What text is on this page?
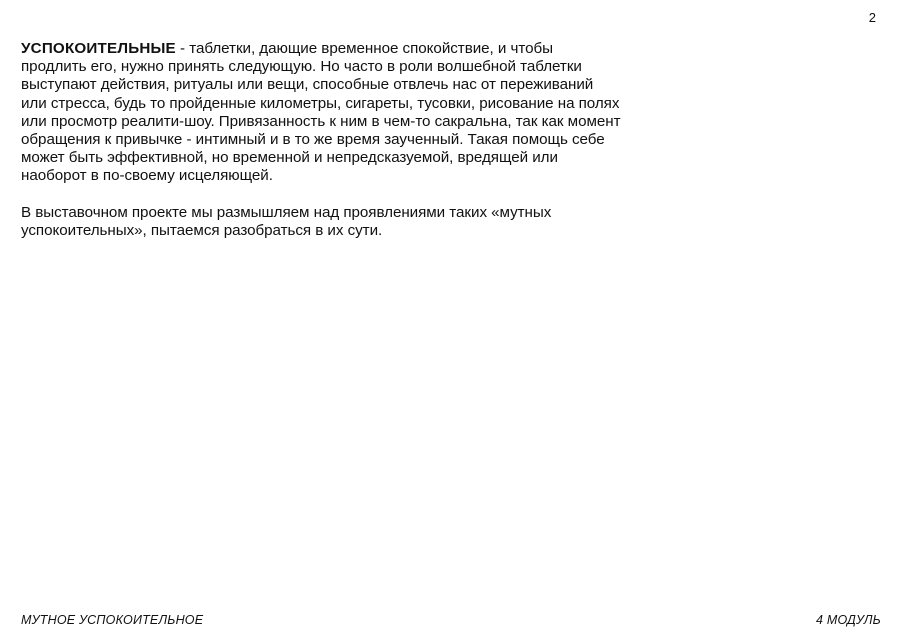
2

УСПОКОИТЕЛЬНЫЕ - таблетки, дающие временное спокойствие, и чтобы продлить его, нужно принять следующую. Но часто в роли волшебной таблетки выступают действия, ритуалы или вещи, способные отвлечь нас от переживаний или стресса, будь то пройденные километры, сигареты, тусовки, рисование на полях или просмотр реалити-шоу. Привязанность к ним в чем-то сакральна, так как момент обращения к привычке - интимный и в то же время заученный. Такая помощь себе может быть эффективной, но временной и непредсказуемой, вредящей или наоборот в по-своему исцеляющей.

В выставочном проекте мы размышляем над проявлениями таких «мутных успокоительных», пытаемся разобраться в их сути.

МУТНОЕ УСПОКОИТЕЛЬНОЕ	4 МОДУЛЬ
